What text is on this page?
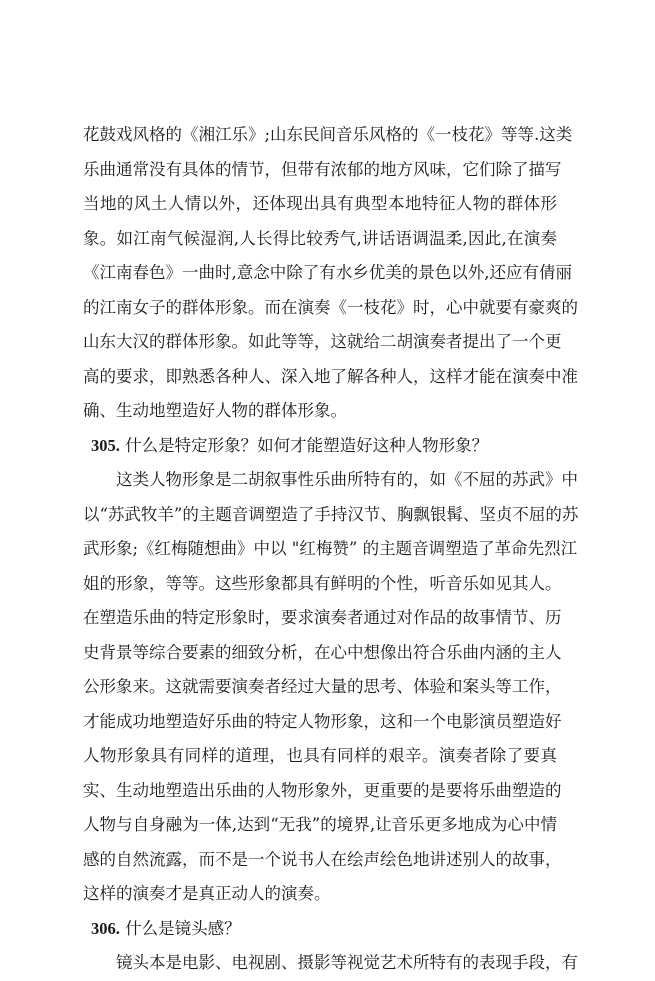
花鼓戏风格的《湘江乐》;山东民间音乐风格的《一枝花》等等.这类
乐曲通常没有具体的情节，但带有浓郁的地方风味，它们除了描写
当地的风土人情以外，还体现出具有典型本地特征人物的群体形
象。如江南气候湿润,人长得比较秀气,讲话语调温柔,因此,在演奏
《江南春色》一曲时,意念中除了有水乡优美的景色以外,还应有倩丽
的江南女子的群体形象。而在演奏《一枝花》时，心中就要有豪爽的
山东大汉的群体形象。如此等等，这就给二胡演奏者提出了一个更
高的要求，即熟悉各种人、深入地了解各种人，这样才能在演奏中准
确、生动地塑造好人物的群体形象。
305. 什么是特定形象？如何才能塑造好这种人物形象？
这类人物形象是二胡叙事性乐曲所特有的，如《不屈的苏武》中
以“苏武牧羊”的主题音调塑造了手持汉节、胸飘银髯、坚贞不屈的苏
武形象;《红梅随想曲》中以 "红梅赞” 的主题音调塑造了革命先烈江
姐的形象，等等。这些形象都具有鲜明的个性，听音乐如见其人。
在塑造乐曲的特定形象时，要求演奏者通过对作品的故事情节、历
史背景等综合要素的细致分析，在心中想像出符合乐曲内涵的主人
公形象来。这就需要演奏者经过大量的思考、体验和案头等工作，
才能成功地塑造好乐曲的特定人物形象，这和一个电影演员塑造好
人物形象具有同样的道理，也具有同样的艰辛。演奏者除了要真
实、生动地塑造出乐曲的人物形象外，更重要的是要将乐曲塑造的
人物与自身融为一体,达到“无我”的境界,让音乐更多地成为心中情
感的自然流露，而不是一个说书人在绘声绘色地讲述别人的故事，
这样的演奏才是真正动人的演奏。
306. 什么是镜头感？
镜头本是电影、电视剧、摄影等视觉艺术所特有的表现手段，有
